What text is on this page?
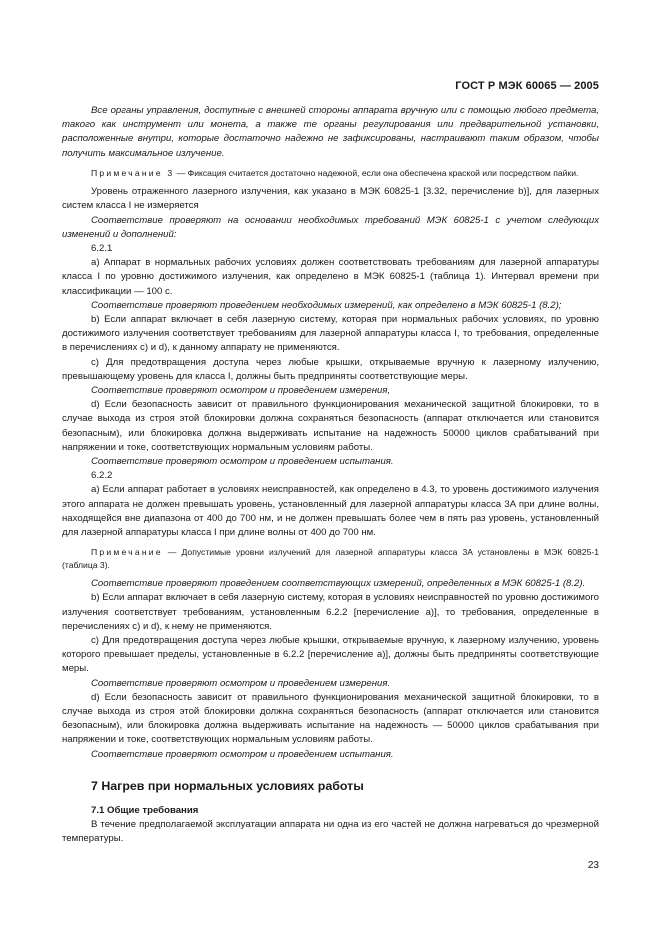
ГОСТ Р МЭК 60065 — 2005

Все органы управления, доступные с внешней стороны аппарата вручную или с помощью любого предмета, такого как инструмент или монета, а также те органы регулирования или предварительной установки, расположенные внутри, которые достаточно надежно не зафиксированы, настраивают таким образом, чтобы получить максимальное излучение.

Примечание 3 — Фиксация считается достаточно надежной, если она обеспечена краской или посредством пайки.

Уровень отраженного лазерного излучения, как указано в МЭК 60825-1 [3.32, перечисление b)], для лазерных систем класса I не измеряется

Соответствие проверяют на основании необходимых требований МЭК 60825-1 с учетом следующих изменений и дополнений:

6.2.1

a) Аппарат в нормальных рабочих условиях должен соответствовать требованиям для лазерной аппаратуры класса I по уровню достижимого излучения, как определено в МЭК 60825-1 (таблица 1). Интервал времени при классификации — 100 с.

Соответствие проверяют проведением необходимых измерений, как определено в МЭК 60825-1 (8.2);

b) Если аппарат включает в себя лазерную систему, которая при нормальных рабочих условиях, по уровню достижимого излучения соответствует требованиям для лазерной аппаратуры класса I, то требования, определенные в перечислениях c) и d), к данному аппарату не применяются.

c) Для предотвращения доступа через любые крышки, открываемые вручную к лазерному излучению, превышающему уровень для класса I, должны быть предприняты соответствующие меры.

Соответствие проверяют осмотром и проведением измерения,

d) Если безопасность зависит от правильного функционирования механической защитной блокировки, то в случае выхода из строя этой блокировки должна сохраняться безопасность (аппарат отключается или становится безопасным), или блокировка должна выдерживать испытание на надежность 50000 циклов срабатываний при напряжении и токе, соответствующих нормальным условиям работы.

Соответствие проверяют осмотром и проведением испытания.

6.2.2

a) Если аппарат работает в условиях неисправностей, как определено в 4.3, то уровень достижимого излучения этого аппарата не должен превышать уровень, установленный для лазерной аппаратуры класса 3A при длине волны, находящейся вне диапазона от 400 до 700 нм, и не должен превышать более чем в пять раз уровень, установленный для лазерной аппаратуры класса I при длине волны от 400 до 700 нм.

Примечание — Допустимые уровни излучений для лазерной аппаратуры класса 3A установлены в МЭК 60825-1 (таблица 3).

Соответствие проверяют проведением соответствующих измерений, определенных в МЭК 60825-1 (8.2).

b) Если аппарат включает в себя лазерную систему, которая в условиях неисправностей по уровню достижимого излучения соответствует требованиям, установленным 6.2.2 [перечисление a)], то требования, определенные в перечислениях c) и d), к нему не применяются.

c) Для предотвращения доступа через любые крышки, открываемые вручную, к лазерному излучению, уровень которого превышает пределы, установленные в 6.2.2 [перечисление a)], должны быть предприняты соответствующие меры.

Соответствие проверяют осмотром и проведением измерения.

d) Если безопасность зависит от правильного функционирования механической защитной блокировки, то в случае выхода из строя этой блокировки должна сохраняться безопасность (аппарат отключается или становится безопасным), или блокировка должна выдерживать испытание на надежность — 50000 циклов срабатывания при напряжении и токе, соответствующих нормальным условиям работы.

Соответствие проверяют осмотром и проведением испытания.

7 Нагрев при нормальных условиях работы

7.1 Общие требования

В течение предполагаемой эксплуатации аппарата ни одна из его частей не должна нагреваться до чрезмерной температуры.

23
